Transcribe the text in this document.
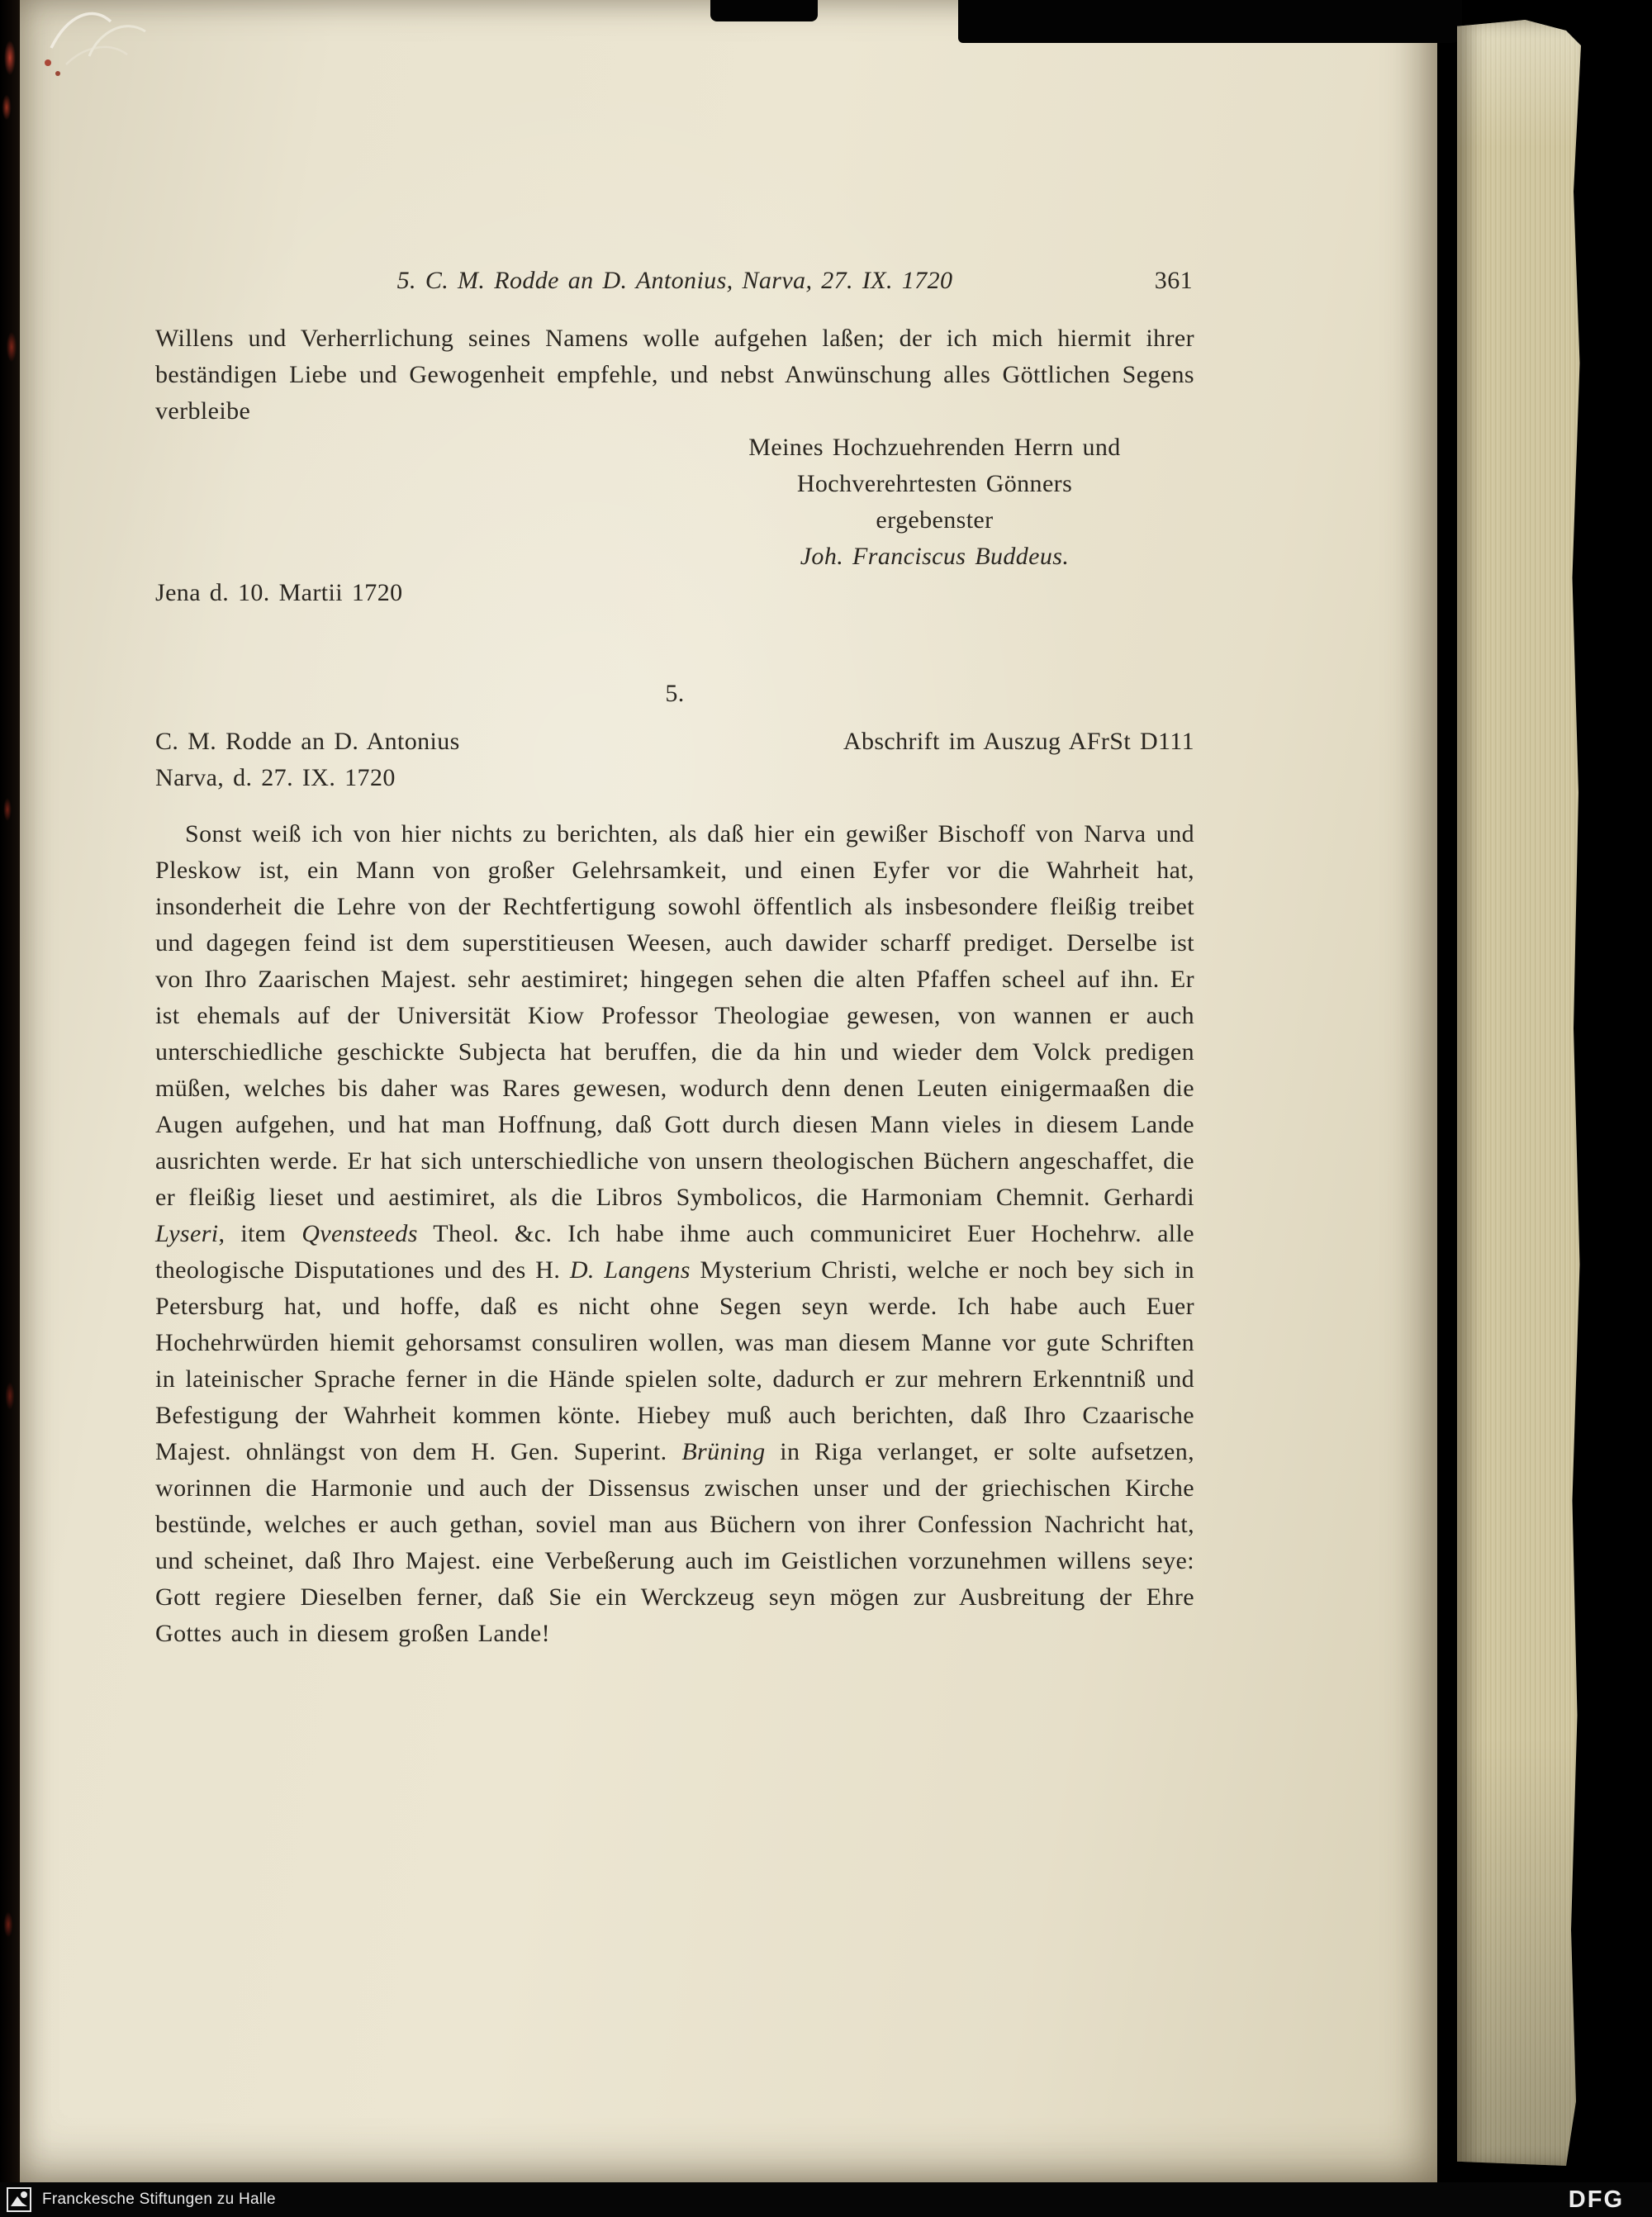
5. C. M. Rodde an D. Antonius, Narva, 27. IX. 1720	361

Willens und Verherrlichung seines Namens wolle aufgehen laßen; der ich mich hiermit ihrer beständigen Liebe und Gewogenheit empfehle, und nebst Anwünschung alles Göttlichen Segens verbleibe

Meines Hochzuehrenden Herrn und
Hochverehrtesten Gönners
ergebenster
Joh. Franciscus Buddeus.
Jena d. 10. Martii 1720
5.
C. M. Rodde an D. Antonius
Narva, d. 27. IX. 1720
Abschrift im Auszug AFrSt D111

Sonst weiß ich von hier nichts zu berichten, als daß hier ein gewißer Bischoff von Narva und Pleskow ist, ein Mann von großer Gelehrsamkeit, und einen Eyfer vor die Wahrheit hat, insonderheit die Lehre von der Rechtfertigung sowohl öffentlich als insbesondere fleißig treibet und dagegen feind ist dem superstitieusen Weesen, auch dawider scharff prediget. Derselbe ist von Ihro Zaarischen Majest. sehr aestimiret; hingegen sehen die alten Pfaffen scheel auf ihn. Er ist ehemals auf der Universität Kiow Professor Theologiae gewesen, von wannen er auch unterschiedliche geschickte Subjecta hat beruffen, die da hin und wieder dem Volck predigen müßen, welches bis daher was Rares gewesen, wodurch denn denen Leuten einigermaaßen die Augen aufgehen, und hat man Hoffnung, daß Gott durch diesen Mann vieles in diesem Lande ausrichten werde. Er hat sich unterschiedliche von unsern theologischen Büchern angeschaffet, die er fleißig lieset und aestimiret, als die Libros Symbolicos, die Harmoniam Chemnit. Gerhardi Lyseri, item Qvensteeds Theol. &c. Ich habe ihme auch communiciret Euer Hochehrw. alle theologische Disputationes und des H. D. Langens Mysterium Christi, welche er noch bey sich in Petersburg hat, und hoffe, daß es nicht ohne Segen seyn werde. Ich habe auch Euer Hochehrwürden hiemit gehorsamst consuliren wollen, was man diesem Manne vor gute Schriften in lateinischer Sprache ferner in die Hände spielen solte, dadurch er zur mehrern Erkenntniß und Befestigung der Wahrheit kommen könte. Hiebey muß auch berichten, daß Ihro Czaarische Majest. ohnlängst von dem H. Gen. Superint. Brüning in Riga verlanget, er solte aufsetzen, worinnen die Harmonie und auch der Dissensus zwischen unser und der griechischen Kirche bestünde, welches er auch gethan, soviel man aus Büchern von ihrer Confession Nachricht hat, und scheinet, daß Ihro Majest. eine Verbeßerung auch im Geistlichen vorzunehmen willens seye: Gott regiere Dieselben ferner, daß Sie ein Werckzeug seyn mögen zur Ausbreitung der Ehre Gottes auch in diesem großen Lande!

Franckesche Stiftungen zu Halle	DFG
